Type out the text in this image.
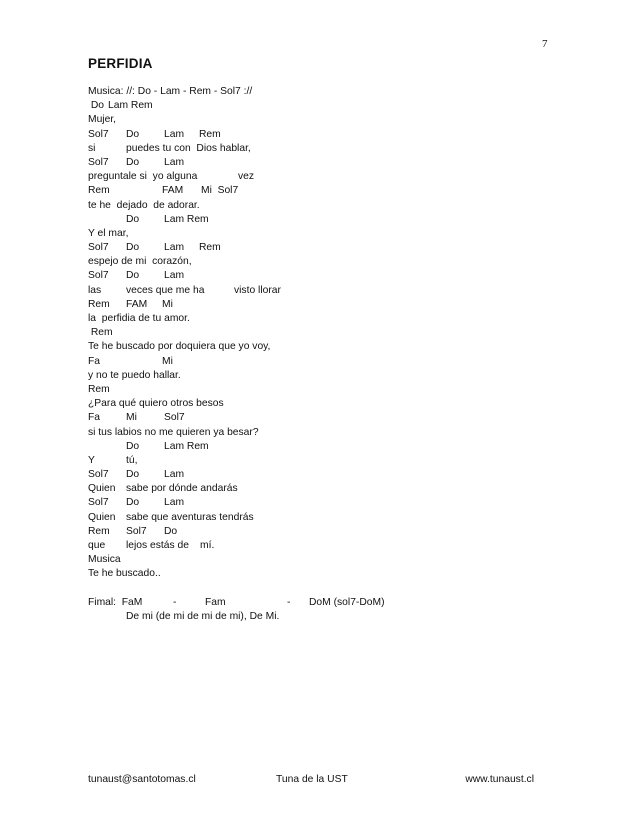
7
PERFIDIA
Musica: //: Do - Lam - Rem - Sol7 ://
Do Lam Rem
Mujer,
Sol7 Do Lam Rem
si	puedes tu con  Dios hablar,
Sol7 Do Lam
preguntale si  yo alguna	vez
Rem	FAM Mi  Sol7
te he  dejado  de adorar.
Do Lam Rem
Y el mar,
Sol7 Do Lam Rem
espejo de mi  corazón,
Sol7 Do Lam
las veces que me ha	visto llorar
Rem FAM Mi
la  perfidia de tu amor.
Rem
Te he buscado por doquiera que yo voy,
Fa	Mi
y no te puedo hallar.
Rem
¿Para qué quiero otros besos
Fa	Mi	Sol7
si tus labios no me quieren ya besar?
Do Lam Rem
Y	tú,
Sol7 Do Lam
Quien sabe por dónde andarás
Sol7 Do Lam
Quien sabe que aventuras tendrás
Rem Sol7 Do
que lejos estás de mí.
Musica
Te he buscado..
Fimal:  FaM	-	Fam	- DoM (sol7-DoM)
De mi (de mi de mi de mi), De Mi.
tunaust@santotomas.cl	Tuna de la UST	www.tunaust.cl
